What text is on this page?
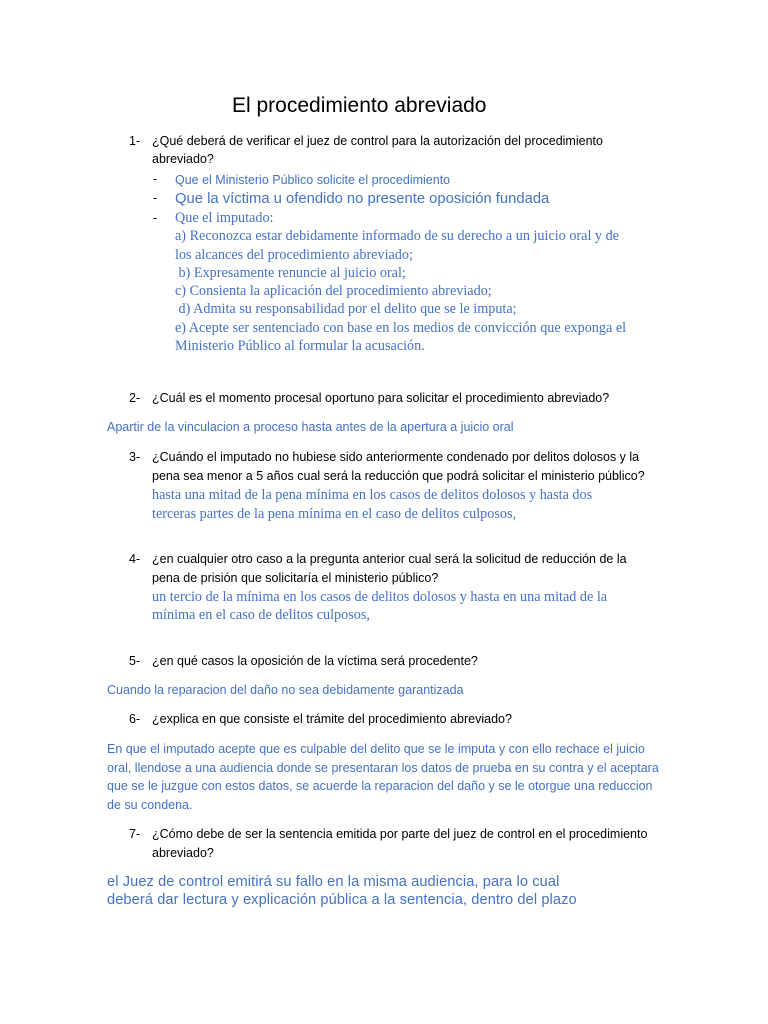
El procedimiento abreviado
1- ¿Qué deberá de verificar el juez de control para la autorización del procedimiento
abreviado?
- Que el Ministerio Público solicite el procedimiento
- Que la víctima u ofendido no presente oposición fundada
- Que el imputado:
a) Reconozca estar debidamente informado de su derecho a un juicio oral y de
los alcances del procedimiento abreviado;
b) Expresamente renuncie al juicio oral;
c) Consienta la aplicación del procedimiento abreviado;
d) Admita su responsabilidad por el delito que se le imputa;
e) Acepte ser sentenciado con base en los medios de convicción que exponga el
Ministerio Público al formular la acusación.
2- ¿Cuál es el momento procesal oportuno para solicitar el procedimiento abreviado?
Apartir de la vinculacion a proceso hasta antes de la apertura a juicio oral
3- ¿Cuándo el imputado no hubiese sido anteriormente condenado por delitos dolosos y la
pena sea menor a 5 años cual será la reducción que podrá solicitar el ministerio público?
hasta una mitad de la pena mínima en los casos de delitos dolosos y hasta dos
terceras partes de la pena mínima en el caso de delitos culposos,
4- ¿en cualquier otro caso a la pregunta anterior cual será la solicitud de reducción de la
pena de prisión que solicitaría el ministerio público?
un tercio de la mínima en los casos de delitos dolosos y hasta en una mitad de la
mínima en el caso de delitos culposos,
5- ¿en qué casos la oposición de la víctima será procedente?
Cuando la reparacion del daño no sea debidamente garantizada
6- ¿explica en que consiste el trámite del procedimiento abreviado?
En que el imputado acepte que es culpable del delito que se le imputa y con ello rechace el juicio
oral, llendose a una audiencia donde se presentaran los datos de prueba en su contra y el aceptara
que se le juzgue con estos datos, se acuerde la reparacion del daño y se le otorgue una reduccion
de su condena.
7- ¿Cómo debe de ser la sentencia emitida por parte del juez de control en el procedimiento
abreviado?
el Juez de control emitirá su fallo en la misma audiencia, para lo cual
deberá dar lectura y explicación pública a la sentencia, dentro del plazo
